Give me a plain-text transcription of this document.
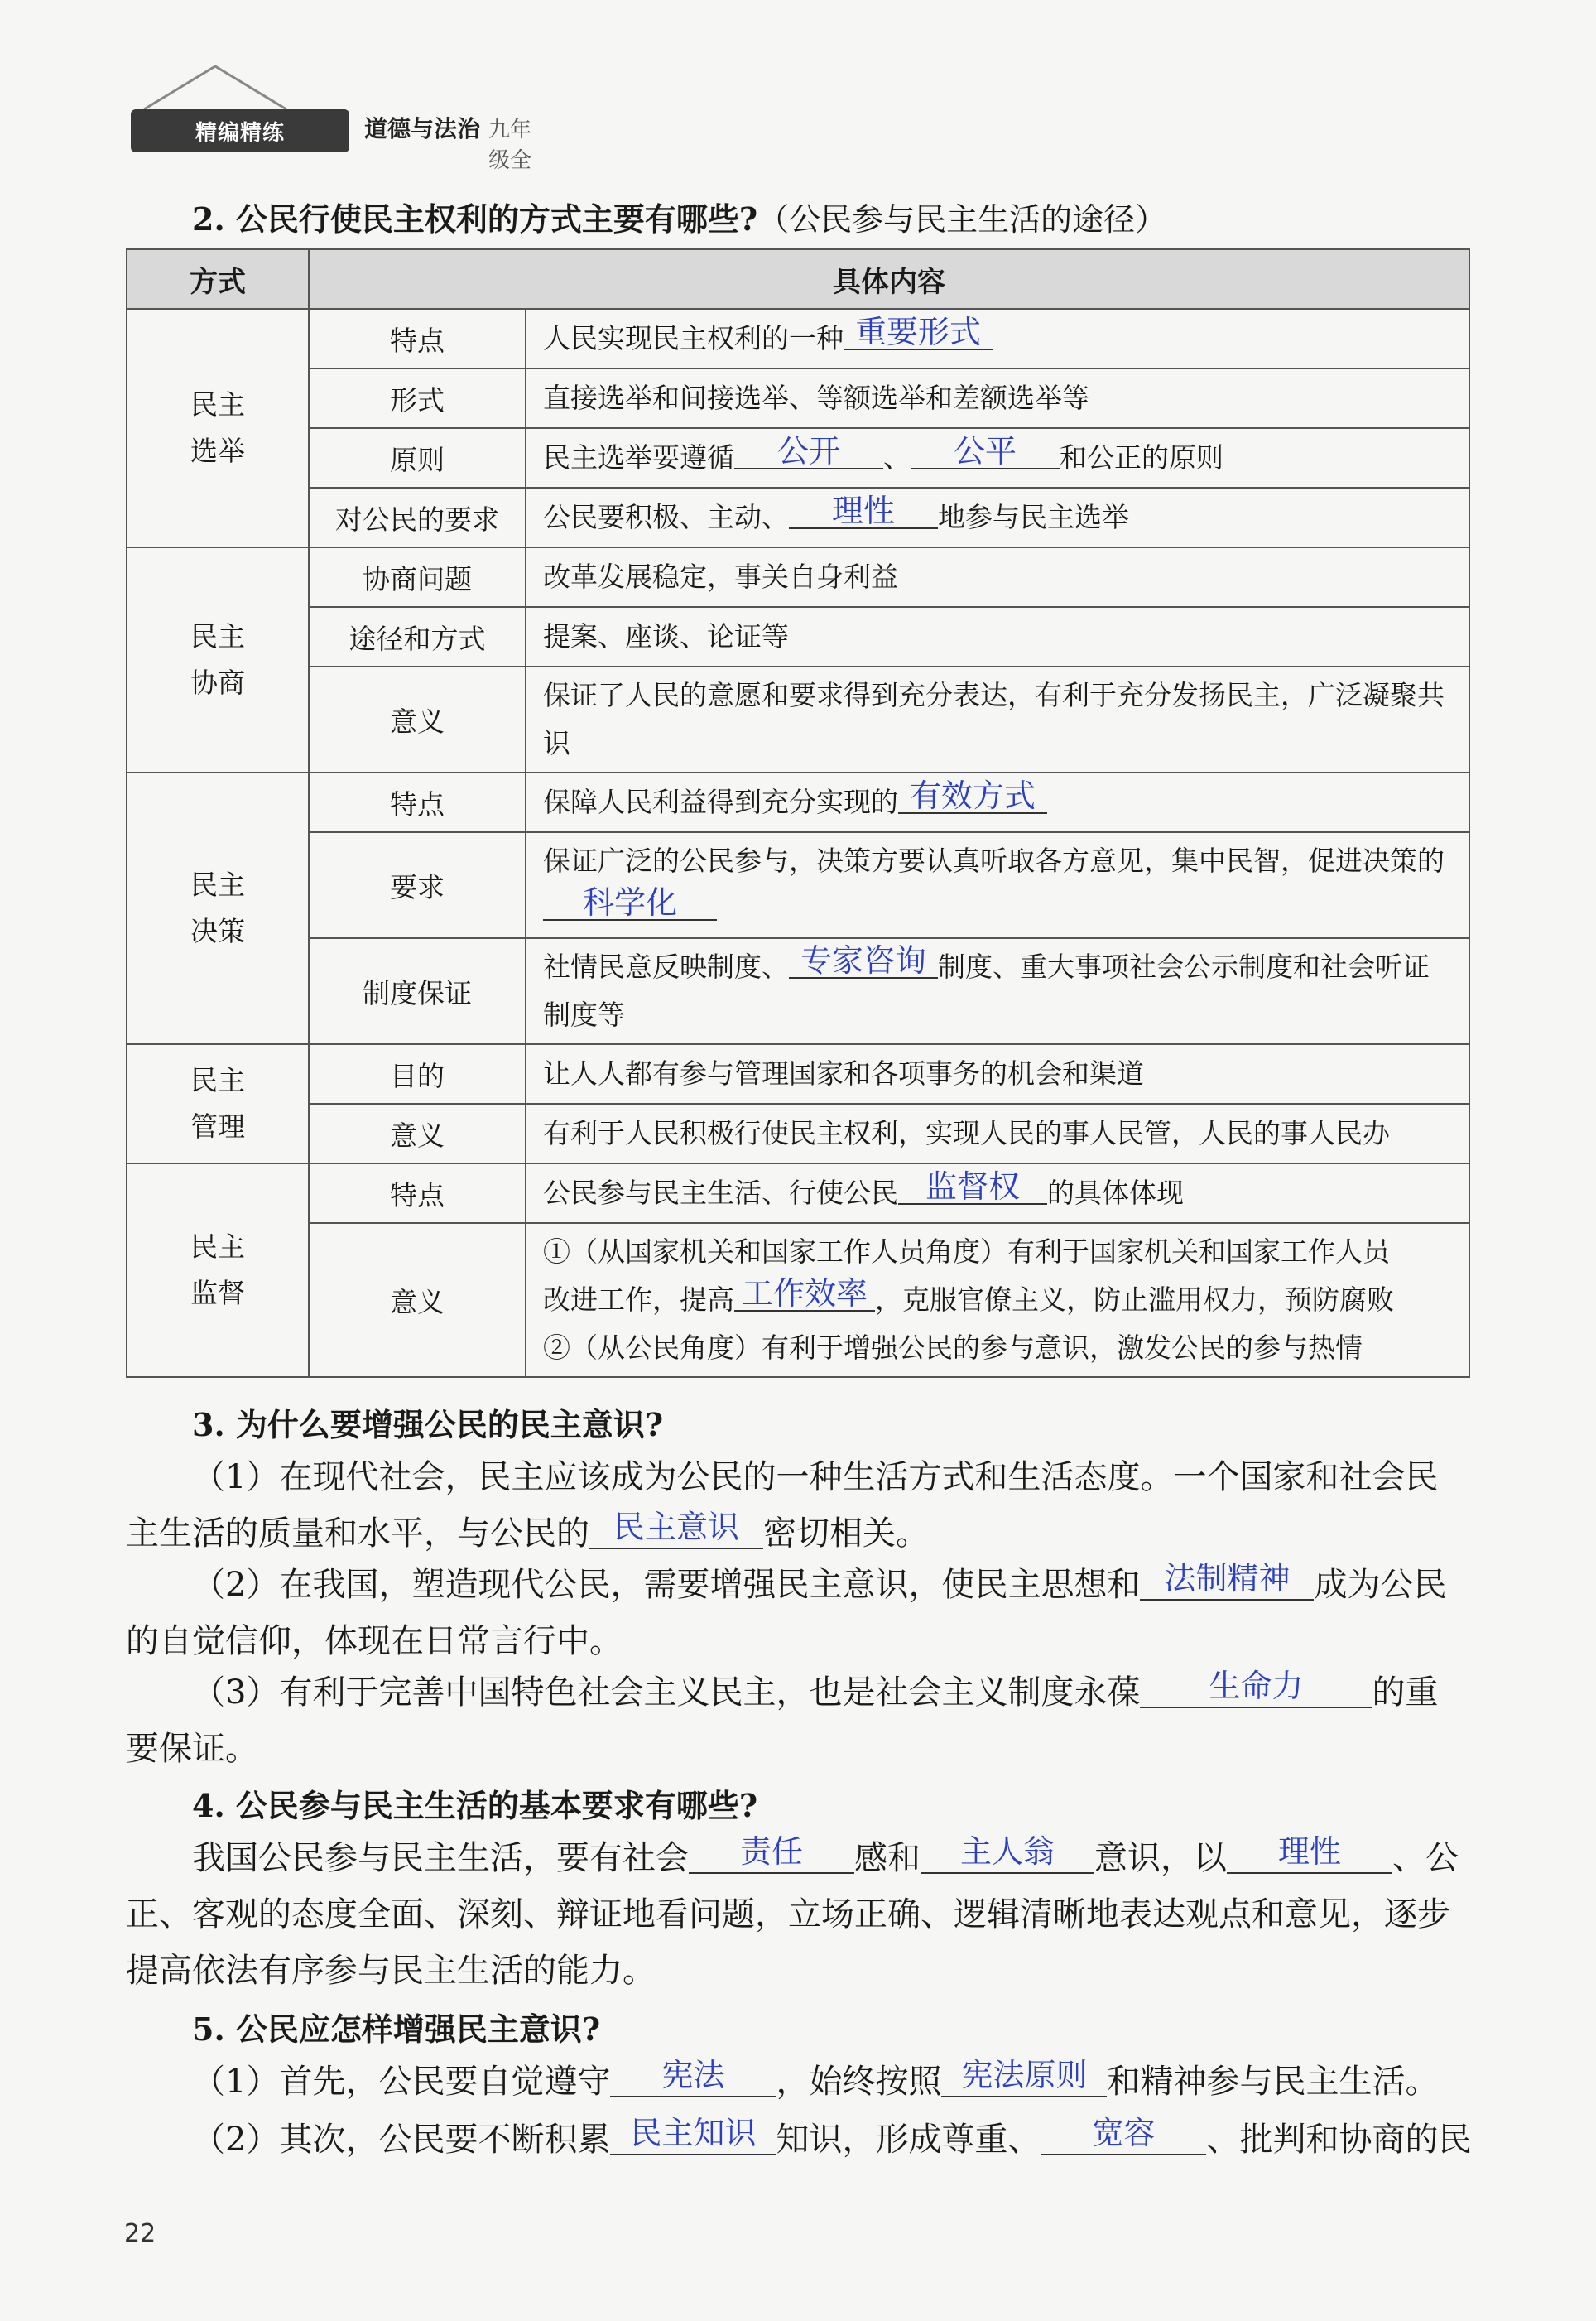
精编精练	道德与法治 九年级全
2. 公民行使民主权利的方式主要有哪些?（公民参与民主生活的途径）
方式	具体内容	

民主选举	特点	人民实现民主权利的一种 重要形式
	形式	直接选举和间接选举、等额选举和差额选举等
	原则	民主选举要遵循 公开 、 公平 和公正的原则
	对公民的要求	公民要积极、主动、 理性 地参与民主选举

民主协商	协商问题	改革发展稳定，事关自身利益
	途径和方式	提案、座谈、论证等
	意义	保证了人民的意愿和要求得到充分表达，有利于充分发扬民主，广泛凝聚共识

民主决策	特点	保障人民利益得到充分实现的 有效方式
	要求	保证广泛的公民参与，决策方要认真听取各方意见，集中民智，促进决策的科学化
	制度保证	社情民意反映制度、 专家咨询 制度、重大事项社会公示制度和社会听证制度等

民主管理	目的	让人人都有参与管理国家和各项事务的机会和渠道
	意义	有利于人民积极行使民主权利，实现人民的事人民管，人民的事人民办

民主监督	特点	公民参与民主生活、行使公民 监督权 的具体体现
	意义	①（从国家机关和国家工作人员角度）有利于国家机关和国家工作人员
改进工作，提高 工作效率 ，克服官僚主义，防止滥用权力，预防腐败
②（从公民角度）有利于增强公民的参与意识，激发公民的参与热情
3. 为什么要增强公民的民主意识?
（1）在现代社会，民主应该成为公民的一种生活方式和生活态度。一个国家和社会民主生活的质量和水平，与公民的 民主意识 密切相关。
（2）在我国，塑造现代公民，需要增强民主意识，使民主思想和 法制精神 成为公民的自觉信仰，体现在日常言行中。
（3）有利于完善中国特色社会主义民主，也是社会主义制度永葆 生命力 的重要保证。
4. 公民参与民主生活的基本要求有哪些?
我国公民参与民主生活，要有社会 责任 感和 主人翁 意识，以 理性 、公正、客观的态度全面、深刻、辩证地看问题，立场正确、逻辑清晰地表达观点和意见，逐步提高依法有序参与民主生活的能力。
5. 公民应怎样增强民主意识?
（1）首先，公民要自觉遵守 宪法 ，始终按照 宪法原则 和精神参与民主生活。
（2）其次，公民要不断积累 民主知识 知识，形成尊重、 宽容 、批判和协商的民
22
